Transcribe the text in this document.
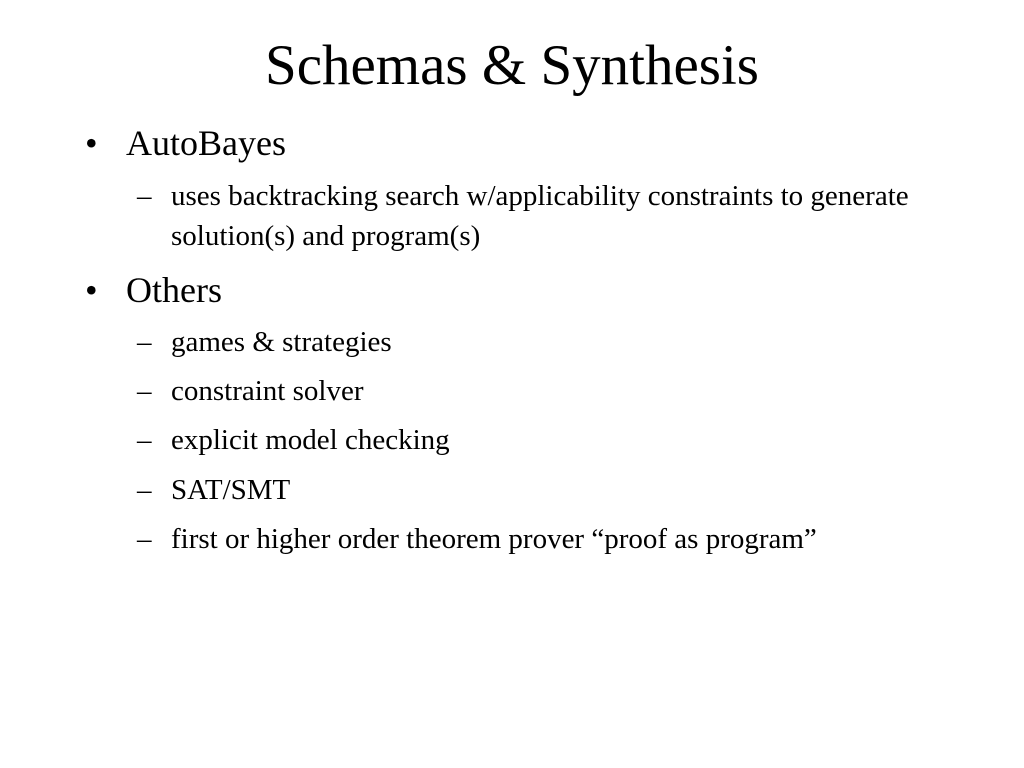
Schemas & Synthesis
• AutoBayes
– uses backtracking search w/applicability constraints to generate solution(s) and program(s)
• Others
– games & strategies
– constraint solver
– explicit model checking
– SAT/SMT
– first or higher order theorem prover “proof as program”
